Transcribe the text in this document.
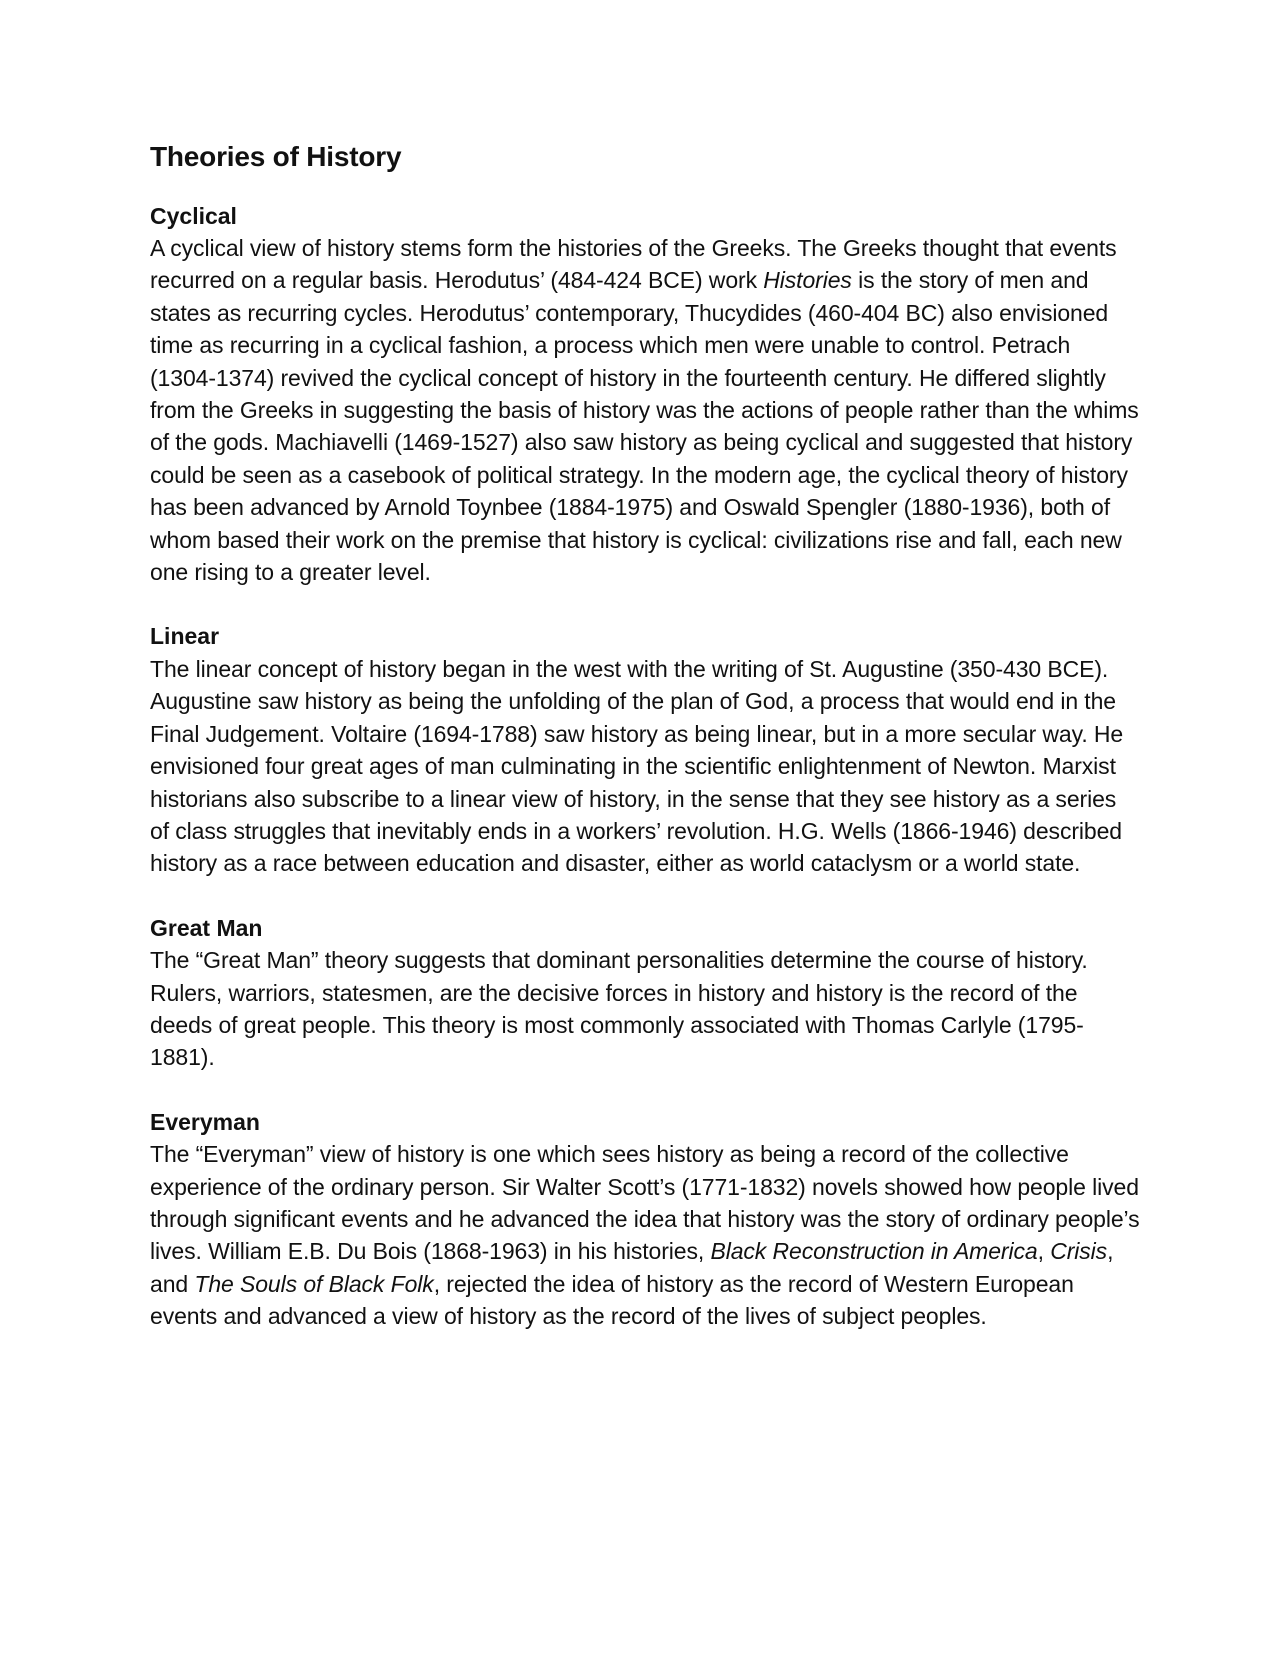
Theories of History
Cyclical

A cyclical view of history stems form the histories of the Greeks. The Greeks thought that events recurred on a regular basis. Herodutus’ (484-424 BCE) work Histories is the story of men and states as recurring cycles. Herodutus’ contemporary, Thucydides (460-404 BC) also envisioned time as recurring in a cyclical fashion, a process which men were unable to control. Petrach (1304-1374) revived the cyclical concept of history in the fourteenth century. He differed slightly from the Greeks in suggesting the basis of history was the actions of people rather than the whims of the gods. Machiavelli (1469-1527) also saw history as being cyclical and suggested that history could be seen as a casebook of political strategy. In the modern age, the cyclical theory of history has been advanced by Arnold Toynbee (1884-1975) and Oswald Spengler (1880-1936), both of whom based their work on the premise that history is cyclical: civilizations rise and fall, each new one rising to a greater level.

Linear

The linear concept of history began in the west with the writing of St. Augustine (350-430 BCE). Augustine saw history as being the unfolding of the plan of God, a process that would end in the Final Judgement. Voltaire (1694-1788) saw history as being linear, but in a more secular way. He envisioned four great ages of man culminating in the scientific enlightenment of Newton. Marxist historians also subscribe to a linear view of history, in the sense that they see history as a series of class struggles that inevitably ends in a workers’ revolution. H.G. Wells (1866-1946) described history as a race between education and disaster, either as world cataclysm or a world state.

Great Man

The “Great Man” theory suggests that dominant personalities determine the course of history. Rulers, warriors, statesmen, are the decisive forces in history and history is the record of the deeds of great people. This theory is most commonly associated with Thomas Carlyle (1795-1881).

Everyman

The “Everyman” view of history is one which sees history as being a record of the collective experience of the ordinary person. Sir Walter Scott’s (1771-1832) novels showed how people lived through significant events and he advanced the idea that history was the story of ordinary people’s lives. William E.B. Du Bois (1868-1963) in his histories, Black Reconstruction in America, Crisis, and The Souls of Black Folk, rejected the idea of history as the record of Western European events and advanced a view of history as the record of the lives of subject peoples.
